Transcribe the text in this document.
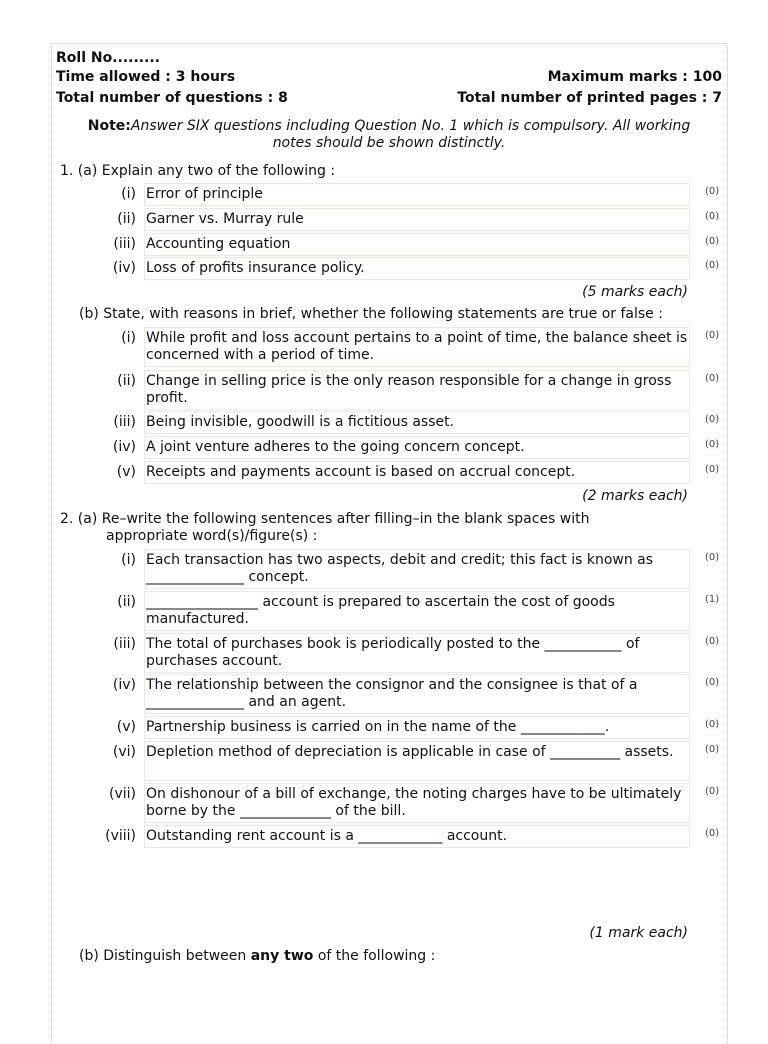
Roll No.........
Time allowed : 3 hours	Maximum marks : 100
Total number of questions : 8	Total number of printed pages : 7
Note:Answer SIX questions including Question No. 1 which is compulsory. All working notes should be shown distinctly.
1. (a) Explain any two of the following :
(i) Error of principle	(0)
(ii) Garner vs. Murray rule	(0)
(iii) Accounting equation	(0)
(iv) Loss of profits insurance policy.	(0)
(5 marks each)
(b) State, with reasons in brief, whether the following statements are true or false :
(i) While profit and loss account pertains to a point of time, the balance sheet is concerned with a period of time.
(0)
(ii) Change in selling price is the only reason responsible for a change in gross profit.
(0)
(iii) Being invisible, goodwill is a fictitious asset.	(0)
(iv) A joint venture adheres to the going concern concept.	(0)
(v) Receipts and payments account is based on accrual concept.	(0)
(2 marks each)
2. (a) Re–write the following sentences after filling–in the blank spaces with appropriate word(s)/figure(s) :
(i) Each transaction has two aspects, debit and credit; this fact is known as ______________ concept.
(0)
(ii) ________________ account is prepared to ascertain the cost of goods manufactured.
(1)
(iii) The total of purchases book is periodically posted to the ___________ of purchases account.
(0)
(iv) The relationship between the consignor and the consignee is that of a ______________ and an agent.
(0)
(v) Partnership business is carried on in the name of the ____________.	(0)
(vi) Depletion method of depreciation is applicable in case of __________ assets.	(0)
(vii) On dishonour of a bill of exchange, the noting charges have to be ultimately borne by the _____________ of the bill.
(0)
(viii) Outstanding rent account is a ____________ account.	(0)
(1 mark each)
(b) Distinguish between any two of the following :
